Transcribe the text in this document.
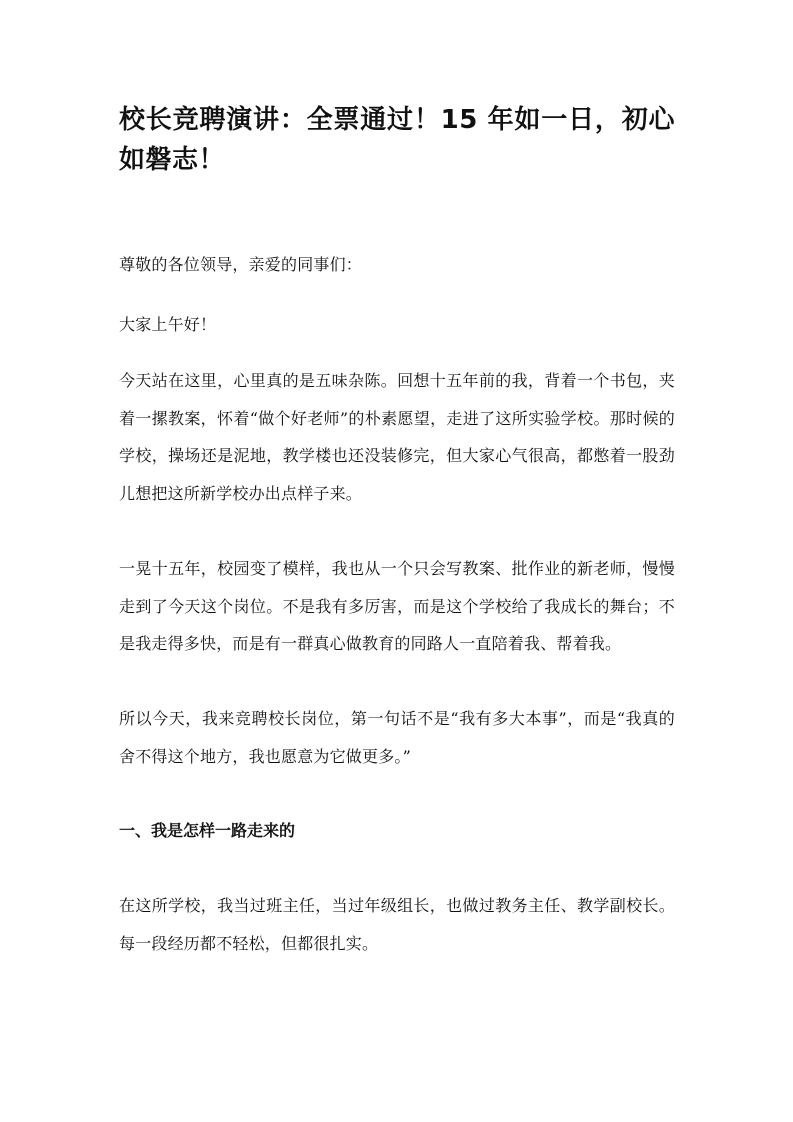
校长竞聘演讲：全票通过！15 年如一日，初心如磐志！

尊敬的各位领导，亲爱的同事们：

大家上午好！

今天站在这里，心里真的是五味杂陈。回想十五年前的我，背着一个书包，夹着一摞教案，怀着“做个好老师”的朴素愿望，走进了这所实验学校。那时候的学校，操场还是泥地，教学楼也还没装修完，但大家心气很高，都憋着一股劲儿想把这所新学校办出点样子来。

一晃十五年，校园变了模样，我也从一个只会写教案、批作业的新老师，慢慢走到了今天这个岗位。不是我有多厉害，而是这个学校给了我成长的舞台；不是我走得多快，而是有一群真心做教育的同路人一直陪着我、帮着我。

所以今天，我来竞聘校长岗位，第一句话不是“我有多大本事”，而是“我真的舍不得这个地方，我也愿意为它做更多。”

一、我是怎样一路走来的

在这所学校，我当过班主任，当过年级组长，也做过教务主任、教学副校长。每一段经历都不轻松，但都很扎实。
